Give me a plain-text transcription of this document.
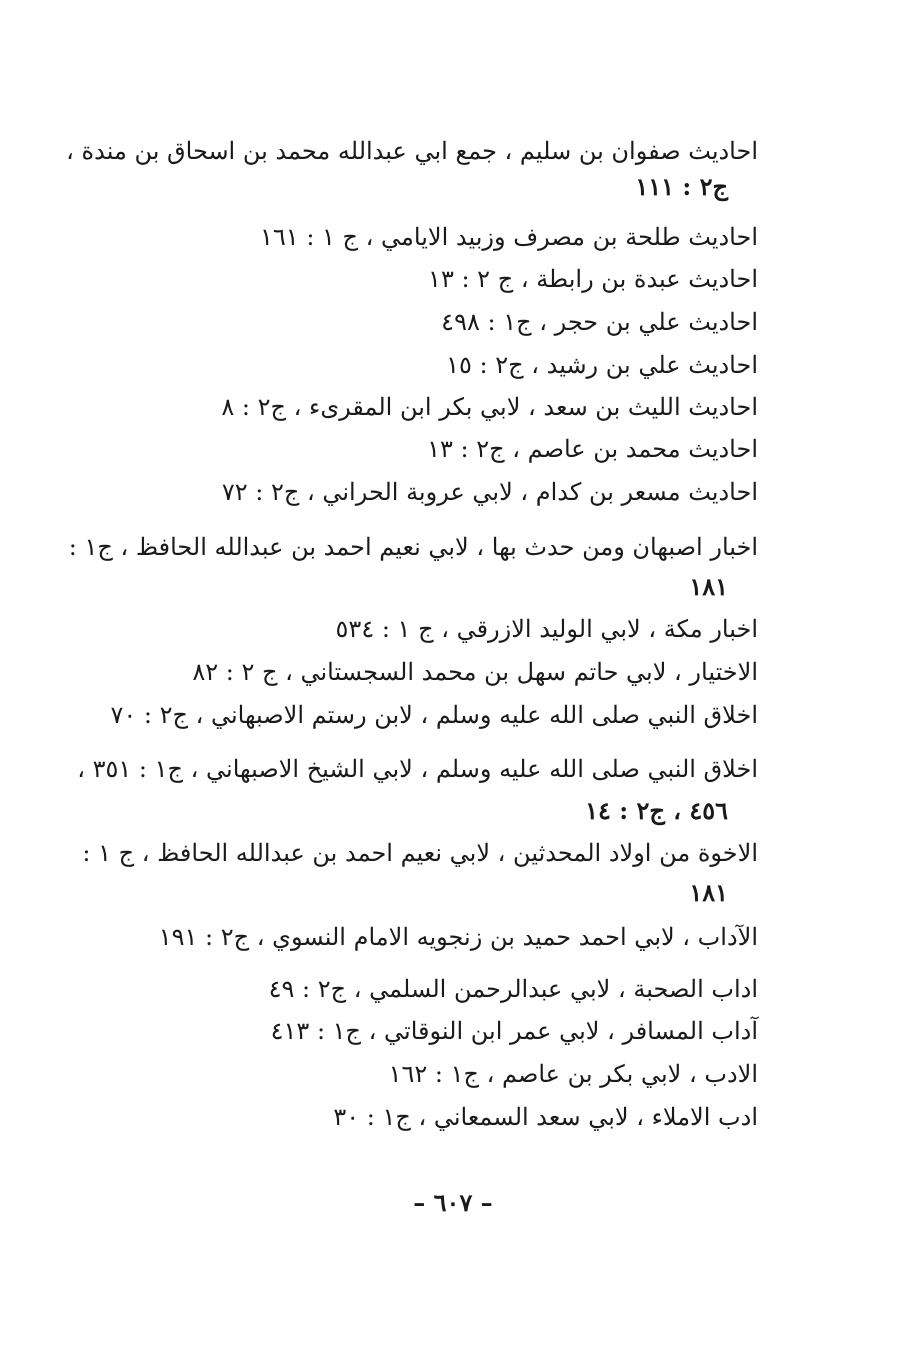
احاديث صفوان بن سليم ، جمع ابي عبدالله محمد بن اسحاق بن مندة ،
ج٢ : ١١١
احاديث طلحة بن مصرف وزبيد الايامي ، ج ١ : ١٦١
احاديث عبدة بن رابطة ، ج ٢ : ١٣
احاديث علي بن حجر ، ج١ : ٤٩٨
احاديث علي بن رشيد ، ج٢ : ١٥
احاديث الليث بن سعد ، لابي بكر ابن المقرىء ، ج٢ : ٨
احاديث محمد بن عاصم ، ج٢ : ١٣
احاديث مسعر بن كدام ، لابي عروبة الحراني ، ج٢ : ٧٢
اخبار اصبهان ومن حدث بها ، لابي نعيم احمد بن عبدالله الحافظ ، ج١ :
١٨١
اخبار مكة ، لابي الوليد الازرقي ، ج ١ : ٥٣٤
الاختيار ، لابي حاتم سهل بن محمد السجستاني ، ج ٢ : ٨٢
اخلاق النبي صلى الله عليه وسلم ، لابن رستم الاصبهاني ، ج٢ : ٧٠
اخلاق النبي صلى الله عليه وسلم ، لابي الشيخ الاصبهاني ، ج١ : ٣٥١ ،
٤٥٦ ، ج٢ : ١٤
الاخوة من اولاد المحدثين ، لابي نعيم احمد بن عبدالله الحافظ ، ج ١ :
١٨١
الآداب ، لابي احمد حميد بن زنجويه الامام النسوي ، ج٢ : ١٩١
اداب الصحبة ، لابي عبدالرحمن السلمي ، ج٢ : ٤٩
آداب المسافر ، لابي عمر ابن النوقاتي ، ج١ : ٤١٣
الادب ، لابي بكر بن عاصم ، ج١ : ١٦٢
ادب الاملاء ، لابي سعد السمعاني ، ج١ : ٣٠
– ٦٠٧ –
